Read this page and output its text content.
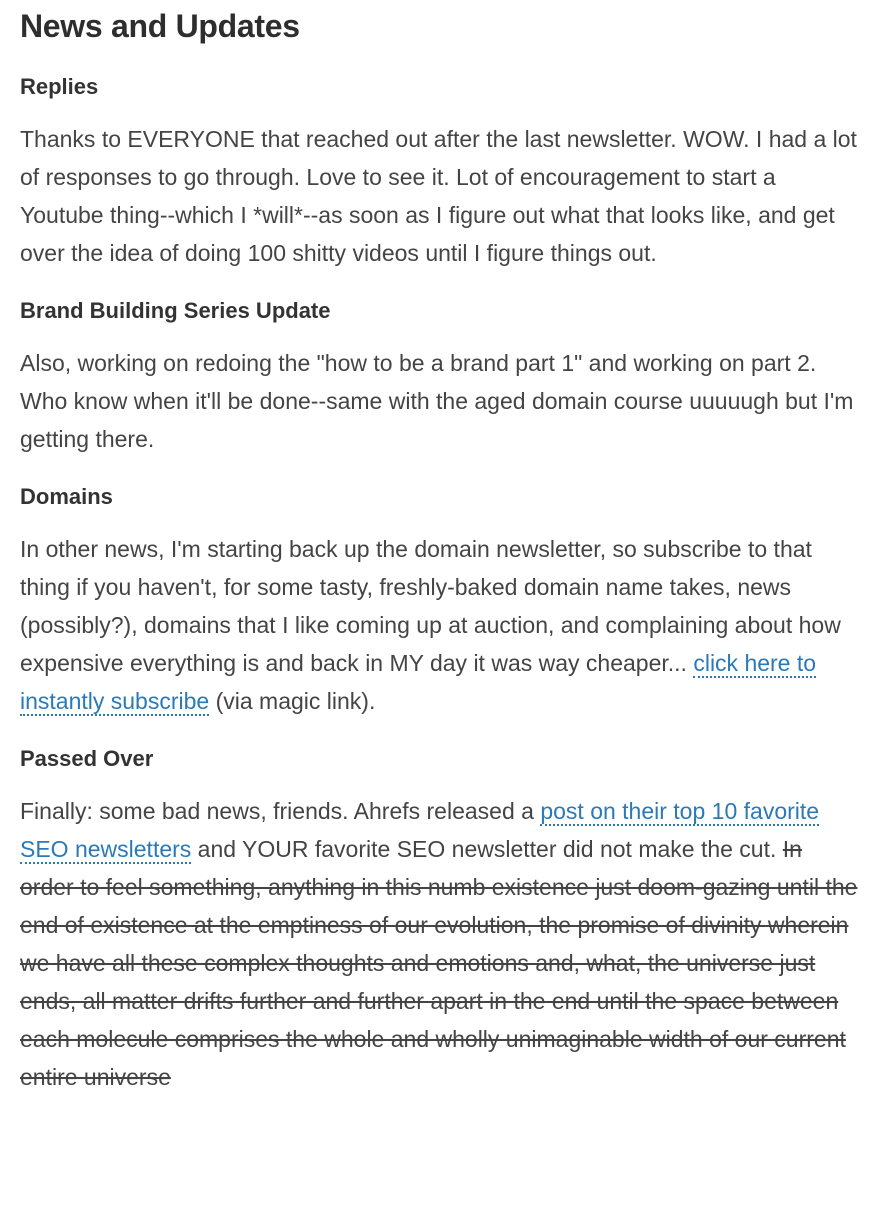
News and Updates
Replies

Thanks to EVERYONE that reached out after the last newsletter. WOW. I had a lot of responses to go through. Love to see it. Lot of encouragement to start a Youtube thing--which I *will*--as soon as I figure out what that looks like, and get over the idea of doing 100 shitty videos until I figure things out.

Brand Building Series Update

Also, working on redoing the "how to be a brand part 1" and working on part 2. Who know when it'll be done--same with the aged domain course uuuuugh but I'm getting there.

Domains

In other news, I'm starting back up the domain newsletter, so subscribe to that thing if you haven't, for some tasty, freshly-baked domain name takes, news (possibly?), domains that I like coming up at auction, and complaining about how expensive everything is and back in MY day it was way cheaper... click here to instantly subscribe (via magic link).

Passed Over

Finally: some bad news, friends. Ahrefs released a post on their top 10 favorite SEO newsletters and YOUR favorite SEO newsletter did not make the cut. In order to feel something, anything in this numb existence just doom-gazing until the end of existence at the emptiness of our evolution, the promise of divinity wherein we have all these complex thoughts and emotions and, what, the universe just ends, all matter drifts further and further apart in the end until the space between each molecule comprises the whole and wholly unimaginable width of our current entire universe
